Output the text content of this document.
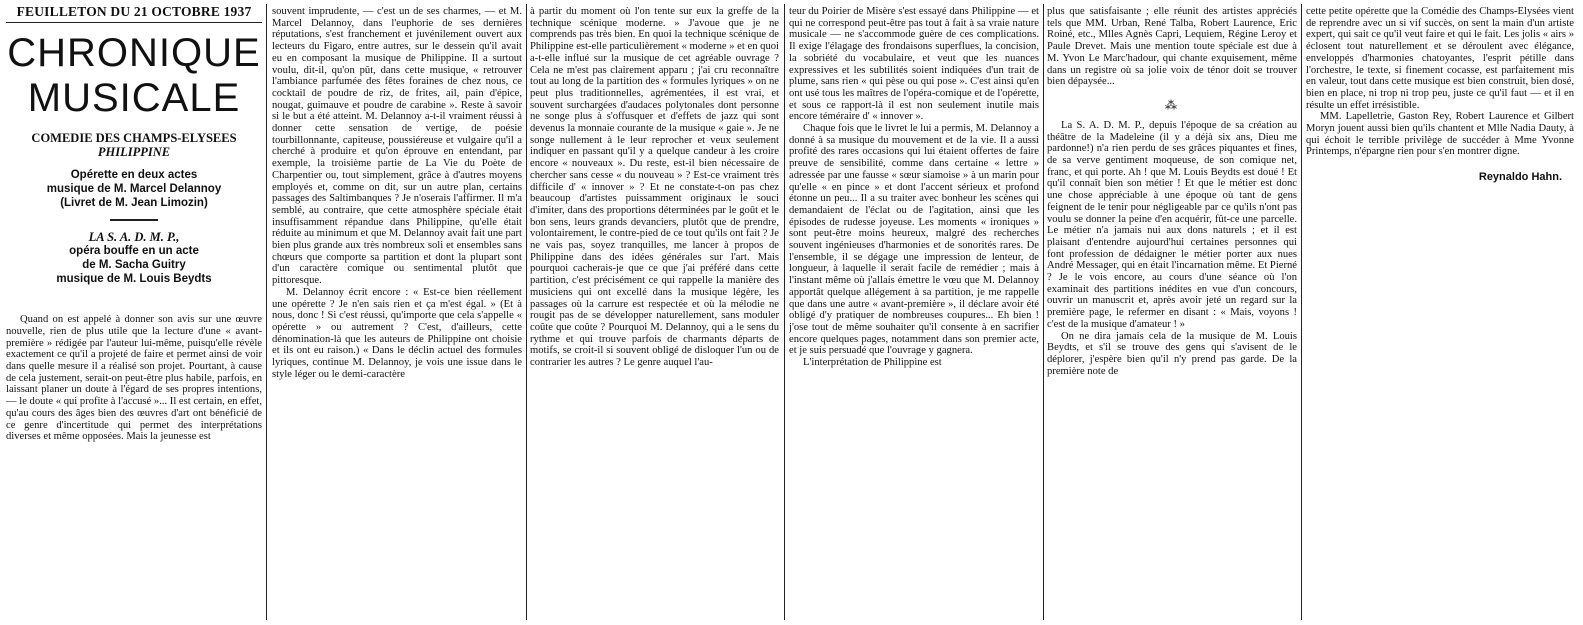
FEUILLETON DU 21 OCTOBRE 1937
CHRONIQUE
MUSICALE
COMEDIE DES CHAMPS-ELYSEES
PHILIPPINE
Opérette en deux actes
musique de M. Marcel Delannoy
(Livret de M. Jean Limozin)
LA S. A. D. M. P.,
opéra bouffe en un acte
de M. Sacha Guitry
musique de M. Louis Beydts

Quand on est appelé à donner son avis sur une œuvre nouvelle, rien de plus utile que la lecture d'une « avant-première » rédigée par l'auteur lui-même, puisqu'elle révèle exactement ce qu'il a projeté de faire et permet ainsi de voir dans quelle mesure il a réalisé son projet. Pourtant, à cause de cela justement, serait-on peut-être plus habile, parfois, en laissant planer un doute à l'égard de ses propres intentions, — le doute « qui profite à l'accusé »... Il est certain, en effet, qu'au cours des âges bien des œuvres d'art ont bénéficié de ce genre d'incertitude qui permet des interprétations diverses et même opposées. Mais la jeunesse est

souvent imprudente, — c'est un de ses charmes, — et M. Marcel Delannoy, dans l'euphorie de ses dernières réputations, s'est franchement et juvénilement ouvert aux lecteurs du Figaro, entre autres, sur le dessein qu'il avait eu en composant la musique de Philippine. Il a surtout voulu, dit-il, qu'on pût, dans cette musique, « retrouver l'ambiance parfumée des fêtes foraines de chez nous, ce cocktail de poudre de riz, de frites, ail, pain d'épice, nougat, guimauve et poudre de carabine ». Reste à savoir si le but a été atteint. M. Delannoy a-t-il vraiment réussi à donner cette sensation de vertige, de poésie tourbillonnante, capiteuse, poussiéreuse et vulgaire qu'il a cherché à produire et qu'on éprouve en entendant, par exemple, la troisième partie de La Vie du Poète de Charpentier ou, tout simplement, grâce à d'autres moyens employés et, comme on dit, sur un autre plan, certains passages des Saltimbanques ? Je n'oserais l'affirmer. Il m'a semblé, au contraire, que cette atmosphère spéciale était insuffisamment répandue dans Philippine, qu'elle était réduite au minimum et que M. Delannoy avait fait une part bien plus grande aux très nombreux soli et ensembles sans chœurs que comporte sa partition et dont la plupart sont d'un caractère comique ou sentimental plutôt que pittoresque.

M. Delannoy écrit encore : « Est-ce bien réellement une opérette ? Je n'en sais rien et ça m'est égal. » (Et à nous, donc ! Si c'est réussi, qu'importe que cela s'appelle « opérette » ou autrement ? C'est, d'ailleurs, cette dénomination-là que les auteurs de Philippine ont choisie et ils ont eu raison.) « Dans le déclin actuel des formules lyriques, continue M. Delannoy, je vois une issue dans le style léger ou le demi-caractère

à partir du moment où l'on tente sur eux la greffe de la technique scénique moderne. » J'avoue que je ne comprends pas très bien. En quoi la technique scénique de Philippine est-elle particulièrement « moderne » et en quoi a-t-elle influé sur la musique de cet agréable ouvrage ? Cela ne m'est pas clairement apparu ; j'ai cru reconnaître tout au long de la partition des « formules lyriques » on ne peut plus traditionnelles, agrémentées, il est vrai, et souvent surchargées d'audaces polytonales dont personne ne songe plus à s'offusquer et d'effets de jazz qui sont devenus la monnaie courante de la musique « gaie ». Je ne songe nullement à le leur reprocher et veux seulement indiquer en passant qu'il y a quelque candeur à les croire encore « nouveaux ». Du reste, est-il bien nécessaire de chercher sans cesse « du nouveau » ? Est-ce vraiment très difficile d' « innover » ? Et ne constate-t-on pas chez beaucoup d'artistes puissamment originaux le souci d'imiter, dans des proportions déterminées par le goût et le bon sens, leurs grands devanciers, plutôt que de prendre, volontairement, le contre-pied de ce tout qu'ils ont fait ? Je ne vais pas, soyez tranquilles, me lancer à propos de Philippine dans des idées générales sur l'art. Mais pourquoi cacherais-je que ce que j'ai préféré dans cette partition, c'est précisément ce qui rappelle la manière des musiciens qui ont excellé dans la musique légère, les passages où la carrure est respectée et où la mélodie ne rougit pas de se développer naturellement, sans moduler coûte que coûte ? Pourquoi M. Delannoy, qui a le sens du rythme et qui trouve parfois de charmants départs de motifs, se croit-il si souvent obligé de disloquer l'un ou de contrarier les autres ? Le genre auquel l'au-

teur du Poirier de Misère s'est essayé dans Philippine — et qui ne correspond peut-être pas tout à fait à sa vraie nature musicale — ne s'accommode guère de ces complications. Il exige l'élagage des frondaisons superflues, la concision, la sobriété du vocabulaire, et veut que les nuances expressives et les subtilités soient indiquées d'un trait de plume, sans rien « qui pèse ou qui pose ». C'est ainsi qu'en ont usé tous les maîtres de l'opéra-comique et de l'opérette, et sous ce rapport-là il est non seulement inutile mais encore téméraire d' « innover ».

Chaque fois que le livret le lui a permis, M. Delannoy a donné à sa musique du mouvement et de la vie. Il a aussi profité des rares occasions qui lui étaient offertes de faire preuve de sensibilité, comme dans certaine « lettre » adressée par une fausse « sœur siamoise » à un marin pour qu'elle « en pince » et dont l'accent sérieux et profond étonne un peu... Il a su traiter avec bonheur les scènes qui demandaient de l'éclat ou de l'agitation, ainsi que les épisodes de rudesse joyeuse. Les moments « ironiques » sont peut-être moins heureux, malgré des recherches souvent ingénieuses d'harmonies et de sonorités rares. De l'ensemble, il se dégage une impression de lenteur, de longueur, à laquelle il serait facile de remédier ; mais à l'instant même où j'allais émettre le vœu que M. Delannoy apportât quelque allégement à sa partition, je me rappelle que dans une autre « avant-première », il déclare avoir été obligé d'y pratiquer de nombreuses coupures... Eh bien ! j'ose tout de même souhaiter qu'il consente à en sacrifier encore quelques pages, notamment dans son premier acte, et je suis persuadé que l'ouvrage y gagnera.

L'interprétation de Philippine est

plus que satisfaisante ; elle réunit des artistes appréciés tels que MM. Urban, René Talba, Robert Laurence, Eric Roiné, etc., Mlles Agnès Capri, Lequiem, Régine Leroy et Paule Drevet. Mais une mention toute spéciale est due à M. Yvon Le Marc'hadour, qui chante exquisement, même dans un registre où sa jolie voix de ténor doit se trouver bien dépaysée...

⁂

La S. A. D. M. P., depuis l'époque de sa création au théâtre de la Madeleine (il y a déjà six ans, Dieu me pardonne!) n'a rien perdu de ses grâces piquantes et fines, de sa verve gentiment moqueuse, de son comique net, franc, et qui porte. Ah ! que M. Louis Beydts est doué ! Et qu'il connaît bien son métier ! Et que le métier est donc une chose appréciable à une époque où tant de gens feignent de le tenir pour négligeable par ce qu'ils n'ont pas voulu se donner la peine d'en acquérir, fût-ce une parcelle. Le métier n'a jamais nui aux dons naturels ; et il est plaisant d'entendre aujourd'hui certaines personnes qui font profession de dédaigner le métier porter aux nues André Messager, qui en était l'incarnation même. Et Pierné ? Je le vois encore, au cours d'une séance où l'on examinait des partitions inédites en vue d'un concours, ouvrir un manuscrit et, après avoir jeté un regard sur la première page, le refermer en disant : « Mais, voyons ! c'est de la musique d'amateur ! »

On ne dira jamais cela de la musique de M. Louis Beydts, et s'il se trouve des gens qui s'avisent de le déplorer, j'espère bien qu'il n'y prend pas garde. De la première note de

cette petite opérette que la Comédie des Champs-Elysées vient de reprendre avec un si vif succès, on sent la main d'un artiste expert, qui sait ce qu'il veut faire et qui le fait. Les jolis « airs » éclosent tout naturellement et se déroulent avec élégance, enveloppés d'harmonies chatoyantes, l'esprit pétille dans l'orchestre, le texte, si finement cocasse, est parfaitement mis en valeur, tout dans cette musique est bien construit, bien dosé, bien en place, ni trop ni trop peu, juste ce qu'il faut — et il en résulte un effet irrésistible.

MM. Lapelletrie, Gaston Rey, Robert Laurence et Gilbert Moryn jouent aussi bien qu'ils chantent et Mlle Nadia Dauty, à qui échoit le terrible privilège de succéder à Mme Yvonne Printemps, n'épargne rien pour s'en montrer digne.

Reynaldo Hahn.
